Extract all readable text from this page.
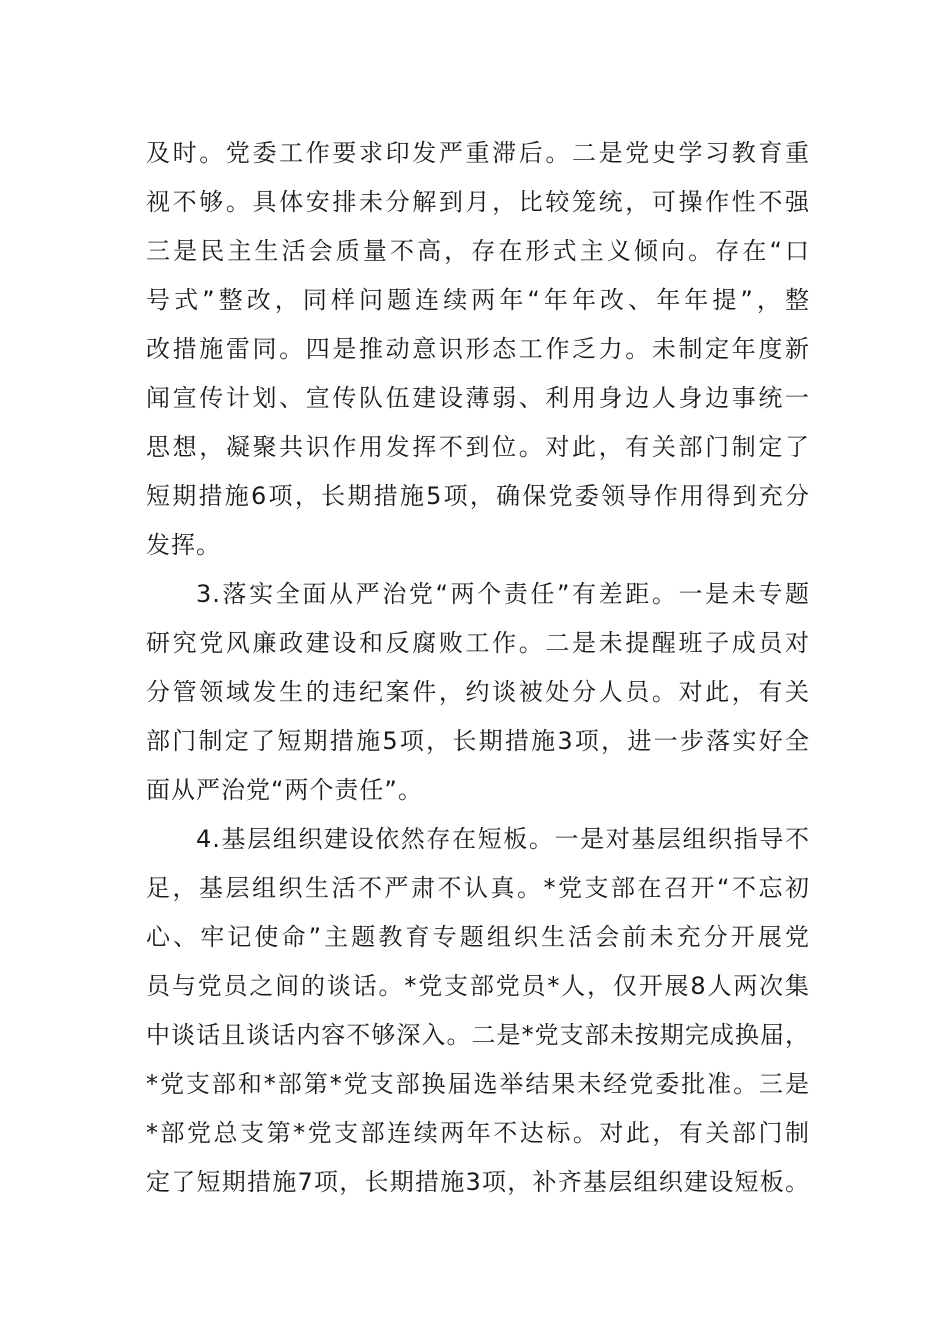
及时。党委工作要求印发严重滞后。二是党史学习教育重
视不够。具体安排未分解到月，比较笼统，可操作性不强
三是民主生活会质量不高，存在形式主义倾向。存在“口
号式”整改，同样问题连续两年“年年改、年年提”，整
改措施雷同。四是推动意识形态工作乏力。未制定年度新
闻宣传计划、宣传队伍建设薄弱、利用身边人身边事统一
思想，凝聚共识作用发挥不到位。对此，有关部门制定了
短期措施6项，长期措施5项，确保党委领导作用得到充分
发挥。
3.落实全面从严治党“两个责任”有差距。一是未专题
研究党风廉政建设和反腐败工作。二是未提醒班子成员对
分管领域发生的违纪案件，约谈被处分人员。对此，有关
部门制定了短期措施5项，长期措施3项，进一步落实好全
面从严治党“两个责任”。
4.基层组织建设依然存在短板。一是对基层组织指导不
足，基层组织生活不严肃不认真。*党支部在召开“不忘初
心、牢记使命”主题教育专题组织生活会前未充分开展党
员与党员之间的谈话。*党支部党员*人，仅开展8人两次集
中谈话且谈话内容不够深入。二是*党支部未按期完成换届，
*党支部和*部第*党支部换届选举结果未经党委批准。三是
*部党总支第*党支部连续两年不达标。对此，有关部门制
定了短期措施7项，长期措施3项，补齐基层组织建设短板。
